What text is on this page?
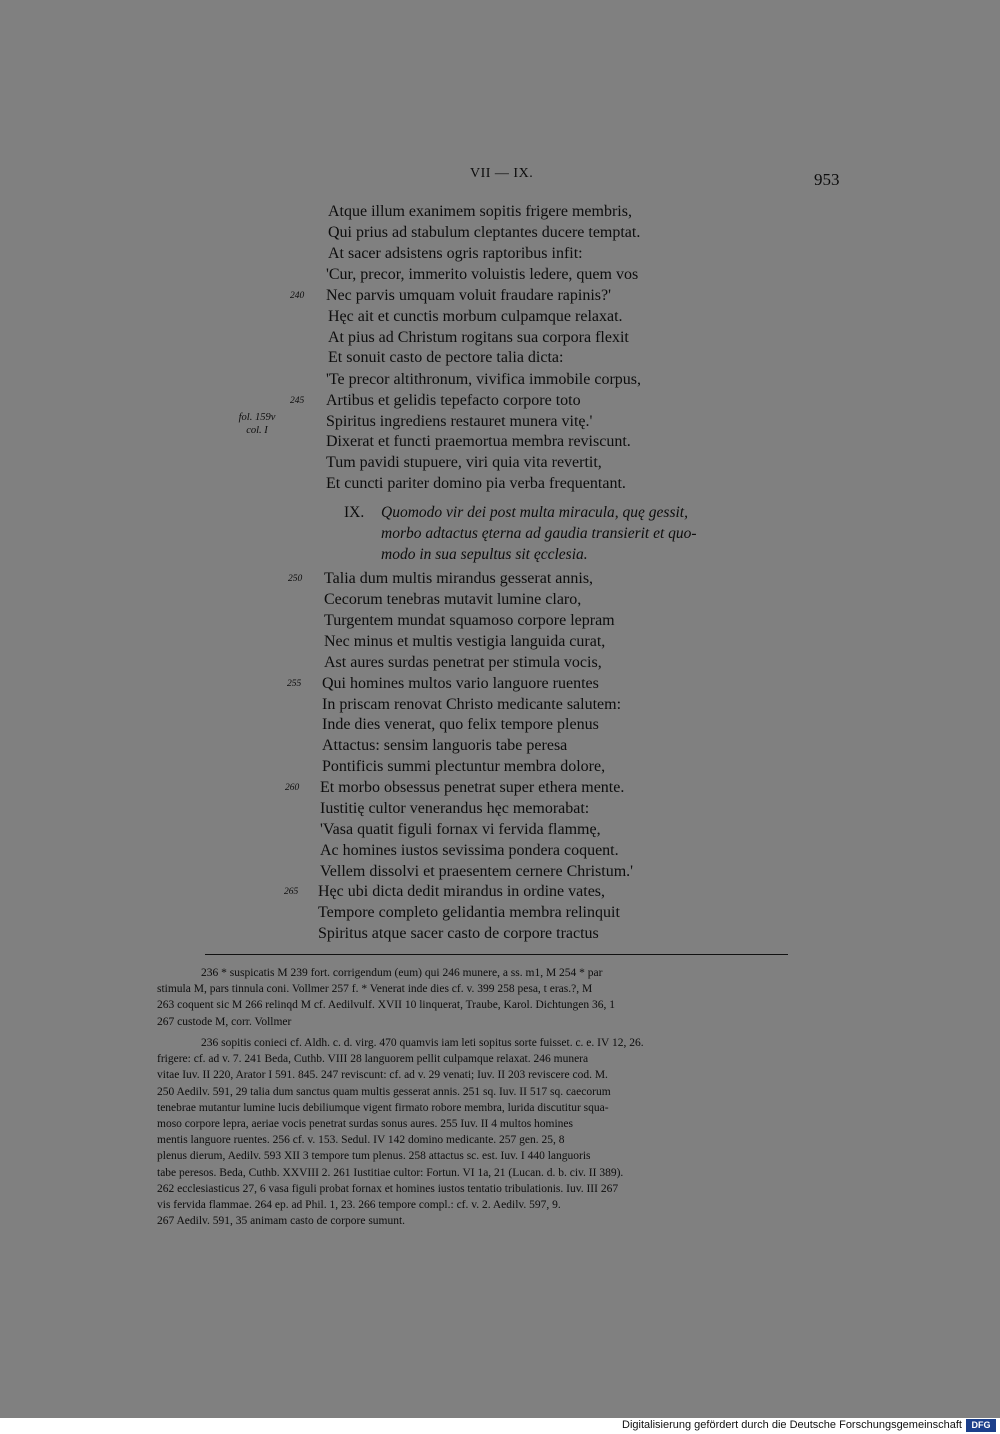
VII — IX.	953
Atque illum exanimem sopitis frigere membris,
Qui prius ad stabulum cleptantes ducere temptat.
At sacer adsistens ogris raptoribus infit:
'Cur, precor, immerito voluistis ledere, quem vos
Nec parvis umquam voluit fraudare rapinis?'
Hęc ait et cunctis morbum culpamque relaxat.
At pius ad Christum rogitans sua corpora flexit
Et sonuit casto de pectore talia dicta:
'Te precor altithronum, vivifica immobile corpus,
Artibus et gelidis tepefacto corpore toto
Spiritus ingrediens restauret munera vitę.'
Dixerat et functi praemortua membra reviscunt.
Tum pavidi stupuere, viri quia vita revertit,
Et cuncti pariter domino pia verba frequentant.
240
245
fol. 159v
col. I
IX. Quomodo vir dei post multa miracula, quę gessit,
morbo adtactus ęterna ad gaudia transierit et quo-
modo in sua sepultus sit ęcclesia.
Talia dum multis mirandus gesserat annis,
Cecorum tenebras mutavit lumine claro,
Turgentem mundat squamoso corpore lepram
Nec minus et multis vestigia languida curat,
Ast aures surdas penetrat per stimula vocis,
Qui homines multos vario languore ruentes
In priscam renovat Christo medicante salutem:
Inde dies venerat, quo felix tempore plenus
Attactus: sensim languoris tabe peresa
Pontificis summi plectuntur membra dolore,
Et morbo obsessus penetrat super ethera mente.
Iustitię cultor venerandus hęc memorabat:
'Vasa quatit figuli fornax vi fervida flammę,
Ac homines iustos sevissima pondera coquent.
Vellem dissolvi et praesentem cernere Christum.'
Hęc ubi dicta dedit mirandus in ordine vates,
Tempore completo gelidantia membra relinquit
Spiritus atque sacer casto de corpore tractus
250
255
260
265

236 * suspicatis M 239 fort. corrigendum (eum) qui 246 munere, a ss. m1, M 254 * par

stimula M, pars tinnula coni. Vollmer 257 f. * Venerat inde dies cf. v. 399 258 pesa, t eras.?, M

263 coquent sic M 266 relinqd M cf. Aedilvulf. XVII 10 linquerat, Traube, Karol. Dichtungen 36, 1

267 custode M, corr. Vollmer

236 sopitis conieci cf. Aldh. c. d. virg. 470 quamvis iam leti sopitus sorte fuisset. c. e. IV 12, 26.

frigere: cf. ad v. 7. 241 Beda, Cuthb. VIII 28 languorem pellit culpamque relaxat. 246 munera

vitae Iuv. II 220, Arator I 591. 845. 247 reviscunt: cf. ad v. 29 venati; Iuv. II 203 reviscere cod. M.

250 Aedilv. 591, 29 talia dum sanctus quam multis gesserat annis. 251 sq. Iuv. II 517 sq. caecorum

tenebrae mutantur lumine lucis debiliumque vigent firmato robore membra, lurida discutitur squa-

moso corpore lepra, aeriae vocis penetrat surdas sonus aures. 255 Iuv. II 4 multos homines

mentis languore ruentes. 256 cf. v. 153. Sedul. IV 142 domino medicante. 257 gen. 25, 8

plenus dierum, Aedilv. 593 XII 3 tempore tum plenus. 258 attactus sc. est. Iuv. I 440 languoris

tabe peresos. Beda, Cuthb. XXVIII 2. 261 Iustitiae cultor: Fortun. VI 1a, 21 (Lucan. d. b. civ. II 389).

262 ecclesiasticus 27, 6 vasa figuli probat fornax et homines iustos tentatio tribulationis. Iuv. III 267

vis fervida flammae. 264 ep. ad Phil. 1, 23. 266 tempore compl.: cf. v. 2. Aedilv. 597, 9.

267 Aedilv. 591, 35 animam casto de corpore sumunt.

Digitalisierung gefördert durch die Deutsche Forschungsgemeinschaft	DFG
